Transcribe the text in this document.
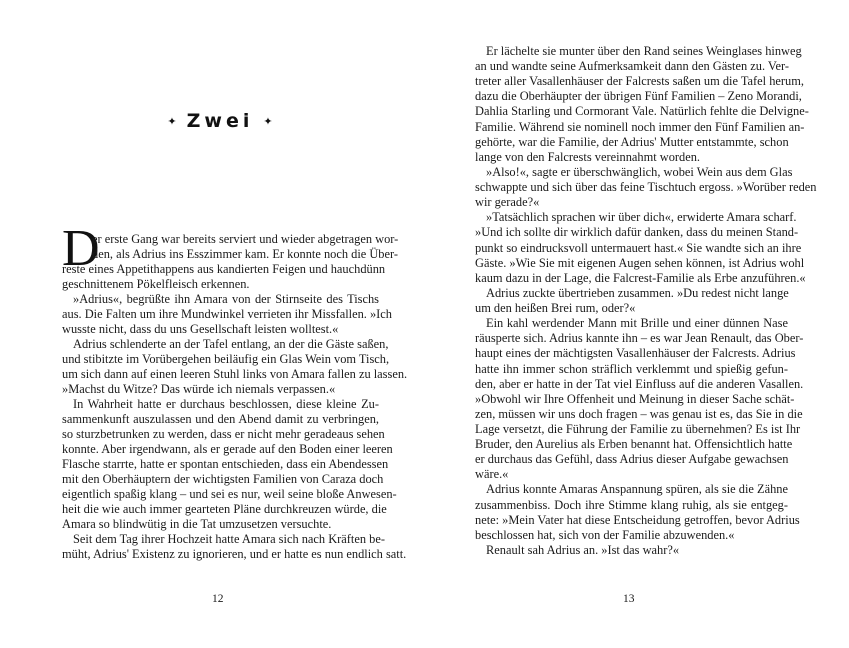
✦ Zwei ✦
D
er erste Gang war bereits serviert und wieder abgetragen wor-
den, als Adrius ins Esszimmer kam. Er konnte noch die Über-
reste eines Appetithappens aus kandierten Feigen und hauchdünn
geschnittenem Pökelfleisch erkennen.
»Adrius«, begrüßte ihn Amara von der Stirnseite des Tischs
aus. Die Falten um ihre Mundwinkel verrieten ihr Missfallen. »Ich
wusste nicht, dass du uns Gesellschaft leisten wolltest.«
Adrius schlenderte an der Tafel entlang, an der die Gäste saßen,
und stibitzte im Vorübergehen beiläufig ein Glas Wein vom Tisch,
um sich dann auf einen leeren Stuhl links von Amara fallen zu lassen.
»Machst du Witze? Das würde ich niemals verpassen.«
In Wahrheit hatte er durchaus beschlossen, diese kleine Zu-
sammenkunft auszulassen und den Abend damit zu verbringen,
so sturzbetrunken zu werden, dass er nicht mehr geradeaus sehen
konnte. Aber irgendwann, als er gerade auf den Boden einer leeren
Flasche starrte, hatte er spontan entschieden, dass ein Abendessen
mit den Oberhäuptern der wichtigsten Familien von Caraza doch
eigentlich spaßig klang – und sei es nur, weil seine bloße Anwesen-
heit die wie auch immer gearteten Pläne durchkreuzen würde, die
Amara so blindwütig in die Tat umzusetzen versuchte.
Seit dem Tag ihrer Hochzeit hatte Amara sich nach Kräften be-
müht, Adrius' Existenz zu ignorieren, und er hatte es nun endlich satt.
12
Er lächelte sie munter über den Rand seines Weinglases hinweg
an und wandte seine Aufmerksamkeit dann den Gästen zu. Ver-
treter aller Vasallenhäuser der Falcrests saßen um die Tafel herum,
dazu die Oberhäupter der übrigen Fünf Familien – Zeno Morandi,
Dahlia Starling und Cormorant Vale. Natürlich fehlte die Delvigne-
Familie. Während sie nominell noch immer den Fünf Familien an-
gehörte, war die Familie, der Adrius' Mutter entstammte, schon
lange von den Falcrests vereinnahmt worden.
»Also!«, sagte er überschwänglich, wobei Wein aus dem Glas
schwappte und sich über das feine Tischtuch ergoss. »Worüber reden
wir gerade?«
»Tatsächlich sprachen wir über dich«, erwiderte Amara scharf.
»Und ich sollte dir wirklich dafür danken, dass du meinen Stand-
punkt so eindrucksvoll untermauert hast.« Sie wandte sich an ihre
Gäste. »Wie Sie mit eigenen Augen sehen können, ist Adrius wohl
kaum dazu in der Lage, die Falcrest-Familie als Erbe anzuführen.«
Adrius zuckte übertrieben zusammen. »Du redest nicht lange
um den heißen Brei rum, oder?«
Ein kahl werdender Mann mit Brille und einer dünnen Nase
räusperte sich. Adrius kannte ihn – es war Jean Renault, das Ober-
haupt eines der mächtigsten Vasallenhäuser der Falcrests. Adrius
hatte ihn immer schon sträflich verklemmt und spießig gefun-
den, aber er hatte in der Tat viel Einfluss auf die anderen Vasallen.
»Obwohl wir Ihre Offenheit und Meinung in dieser Sache schät-
zen, müssen wir uns doch fragen – was genau ist es, das Sie in die
Lage versetzt, die Führung der Familie zu übernehmen? Es ist Ihr
Bruder, den Aurelius als Erben benannt hat. Offensichtlich hatte
er durchaus das Gefühl, dass Adrius dieser Aufgabe gewachsen
wäre.«
Adrius konnte Amaras Anspannung spüren, als sie die Zähne
zusammenbiss. Doch ihre Stimme klang ruhig, als sie entgeg-
nete: »Mein Vater hat diese Entscheidung getroffen, bevor Adrius
beschlossen hat, sich von der Familie abzuwenden.«
Renault sah Adrius an. »Ist das wahr?«
13
